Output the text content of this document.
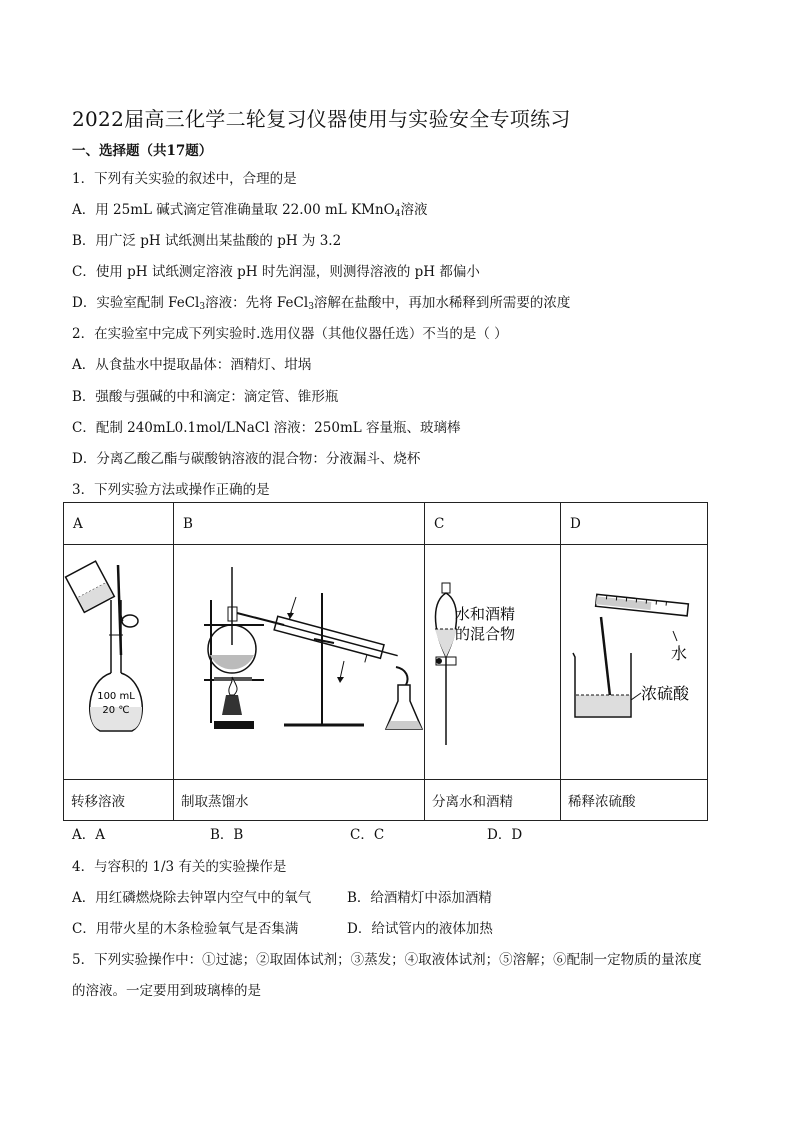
2022届高三化学二轮复习仪器使用与实验安全专项练习
一、选择题（共17题）
1．下列有关实验的叙述中，合理的是
A．用 25mL 碱式滴定管准确量取 22.00 mL KMnO$_4$溶液
B．用广泛 pH 试纸测出某盐酸的 pH 为 3.2
C．使用 pH 试纸测定溶液 pH 时先润湿，则测得溶液的 pH 都偏小
D．实验室配制 FeCl$_3$溶液：先将 FeCl$_3$溶解在盐酸中，再加水稀释到所需要的浓度
2．在实验室中完成下列实验时.选用仪器（其他仪器任选）不当的是（ ）
A．从食盐水中提取晶体：酒精灯、坩埚
B．强酸与强碱的中和滴定：滴定管、锥形瓶
C．配制 240mL0.1mol/LNaCl 溶液：250mL 容量瓶、玻璃棒
D．分离乙酸乙酯与碳酸钠溶液的混合物：分液漏斗、烧杯
3．下列实验方法或操作正确的是
A	B	C	D

100 mL
20 ℃		水和酒精
的混合物	水
浓硫酸

转移溶液	制取蒸馏水	分离水和酒精	稀释浓硫酸
A．A	B．B	C．C	D．D
4．与容积的 1/3 有关的实验操作是
A．用红磷燃烧除去钟罩内空气中的氧气	B．给酒精灯中添加酒精
C．用带火星的木条检验氧气是否集满	D．给试管内的液体加热
5．下列实验操作中：①过滤；②取固体试剂；③蒸发；④取液体试剂；⑤溶解；⑥配制一定物质的量浓度
的溶液。一定要用到玻璃棒的是
